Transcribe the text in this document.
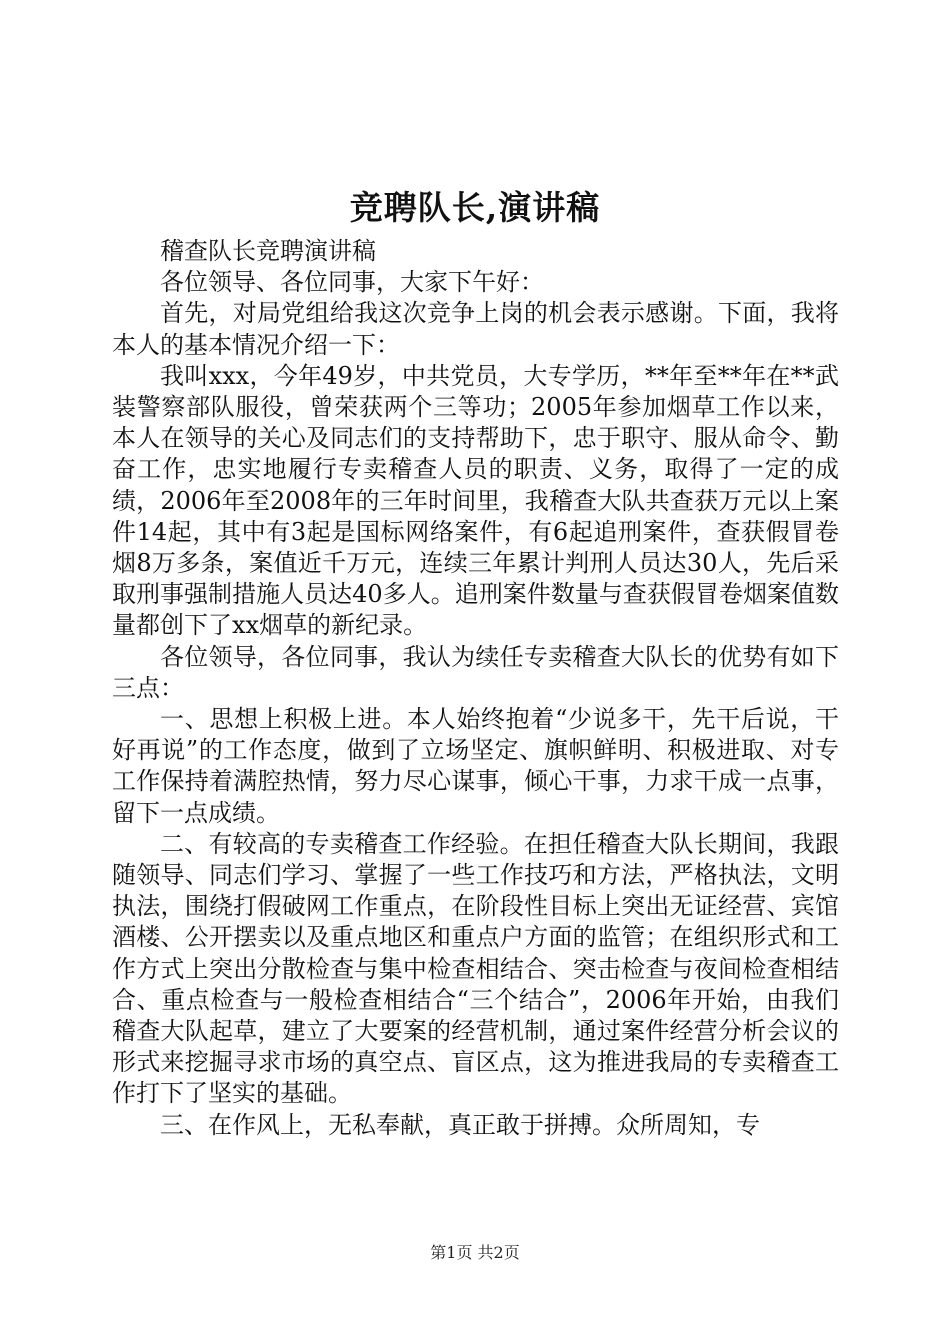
竞聘队长,演讲稿

稽查队长竞聘演讲稿

各位领导、各位同事，大家下午好：

首先，对局党组给我这次竞争上岗的机会表示感谢。下面，我将本人的基本情况介绍一下：

我叫xxx，今年49岁，中共党员，大专学历，**年至**年在**武装警察部队服役，曾荣获两个三等功；2005年参加烟草工作以来，本人在领导的关心及同志们的支持帮助下，忠于职守、服从命令、勤奋工作，忠实地履行专卖稽查人员的职责、义务，取得了一定的成绩，2006年至2008年的三年时间里，我稽查大队共查获万元以上案件14起，其中有3起是国标网络案件，有6起追刑案件，查获假冒卷烟8万多条，案值近千万元，连续三年累计判刑人员达30人，先后采取刑事强制措施人员达40多人。追刑案件数量与查获假冒卷烟案值数量都创下了xx烟草的新纪录。

各位领导，各位同事，我认为续任专卖稽查大队长的优势有如下三点：

一、思想上积极上进。本人始终抱着“少说多干，先干后说，干好再说”的工作态度，做到了立场坚定、旗帜鲜明、积极进取、对专工作保持着满腔热情，努力尽心谋事，倾心干事，力求干成一点事，留下一点成绩。

二、有较高的专卖稽查工作经验。在担任稽查大队长期间，我跟随领导、同志们学习、掌握了一些工作技巧和方法，严格执法，文明执法，围绕打假破网工作重点，在阶段性目标上突出无证经营、宾馆酒楼、公开摆卖以及重点地区和重点户方面的监管；在组织形式和工作方式上突出分散检查与集中检查相结合、突击检查与夜间检查相结合、重点检查与一般检查相结合“三个结合”，2006年开始，由我们稽查大队起草，建立了大要案的经营机制，通过案件经营分析会议的形式来挖掘寻求市场的真空点、盲区点，这为推进我局的专卖稽查工作打下了坚实的基础。

三、在作风上，无私奉献，真正敢于拼搏。众所周知，专

第1页 共2页
